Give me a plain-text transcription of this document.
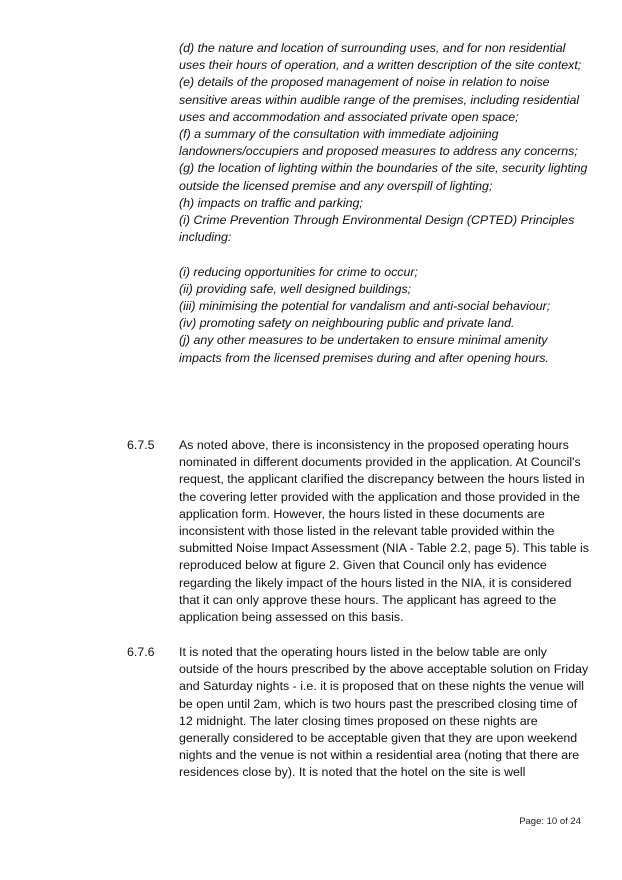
(d) the nature and location of surrounding uses, and for non residential uses their hours of operation, and a written description of the site context;

(e) details of the proposed management of noise in relation to noise sensitive areas within audible range of the premises, including residential uses and accommodation and associated private open space;

(f) a summary of the consultation with immediate adjoining landowners/occupiers and proposed measures to address any concerns;

(g) the location of lighting within the boundaries of the site, security lighting outside the licensed premise and any overspill of lighting;

(h) impacts on traffic and parking;

(i) Crime Prevention Through Environmental Design (CPTED) Principles including:

(i) reducing opportunities for crime to occur;

(ii) providing safe, well designed buildings;

(iii) minimising the potential for vandalism and anti-social behaviour;

(iv) promoting safety on neighbouring public and private land.

(j) any other measures to be undertaken to ensure minimal amenity impacts from the licensed premises during and after opening hours.

6.7.5 As noted above, there is inconsistency in the proposed operating hours nominated in different documents provided in the application. At Council's request, the applicant clarified the discrepancy between the hours listed in the covering letter provided with the application and those provided in the application form. However, the hours listed in these documents are inconsistent with those listed in the relevant table provided within the submitted Noise Impact Assessment (NIA - Table 2.2, page 5). This table is reproduced below at figure 2. Given that Council only has evidence regarding the likely impact of the hours listed in the NIA, it is considered that it can only approve these hours. The applicant has agreed to the application being assessed on this basis.

6.7.6 It is noted that the operating hours listed in the below table are only outside of the hours prescribed by the above acceptable solution on Friday and Saturday nights - i.e. it is proposed that on these nights the venue will be open until 2am, which is two hours past the prescribed closing time of 12 midnight. The later closing times proposed on these nights are generally considered to be acceptable given that they are upon weekend nights and the venue is not within a residential area (noting that there are residences close by). It is noted that the hotel on the site is well

Page: 10 of 24
